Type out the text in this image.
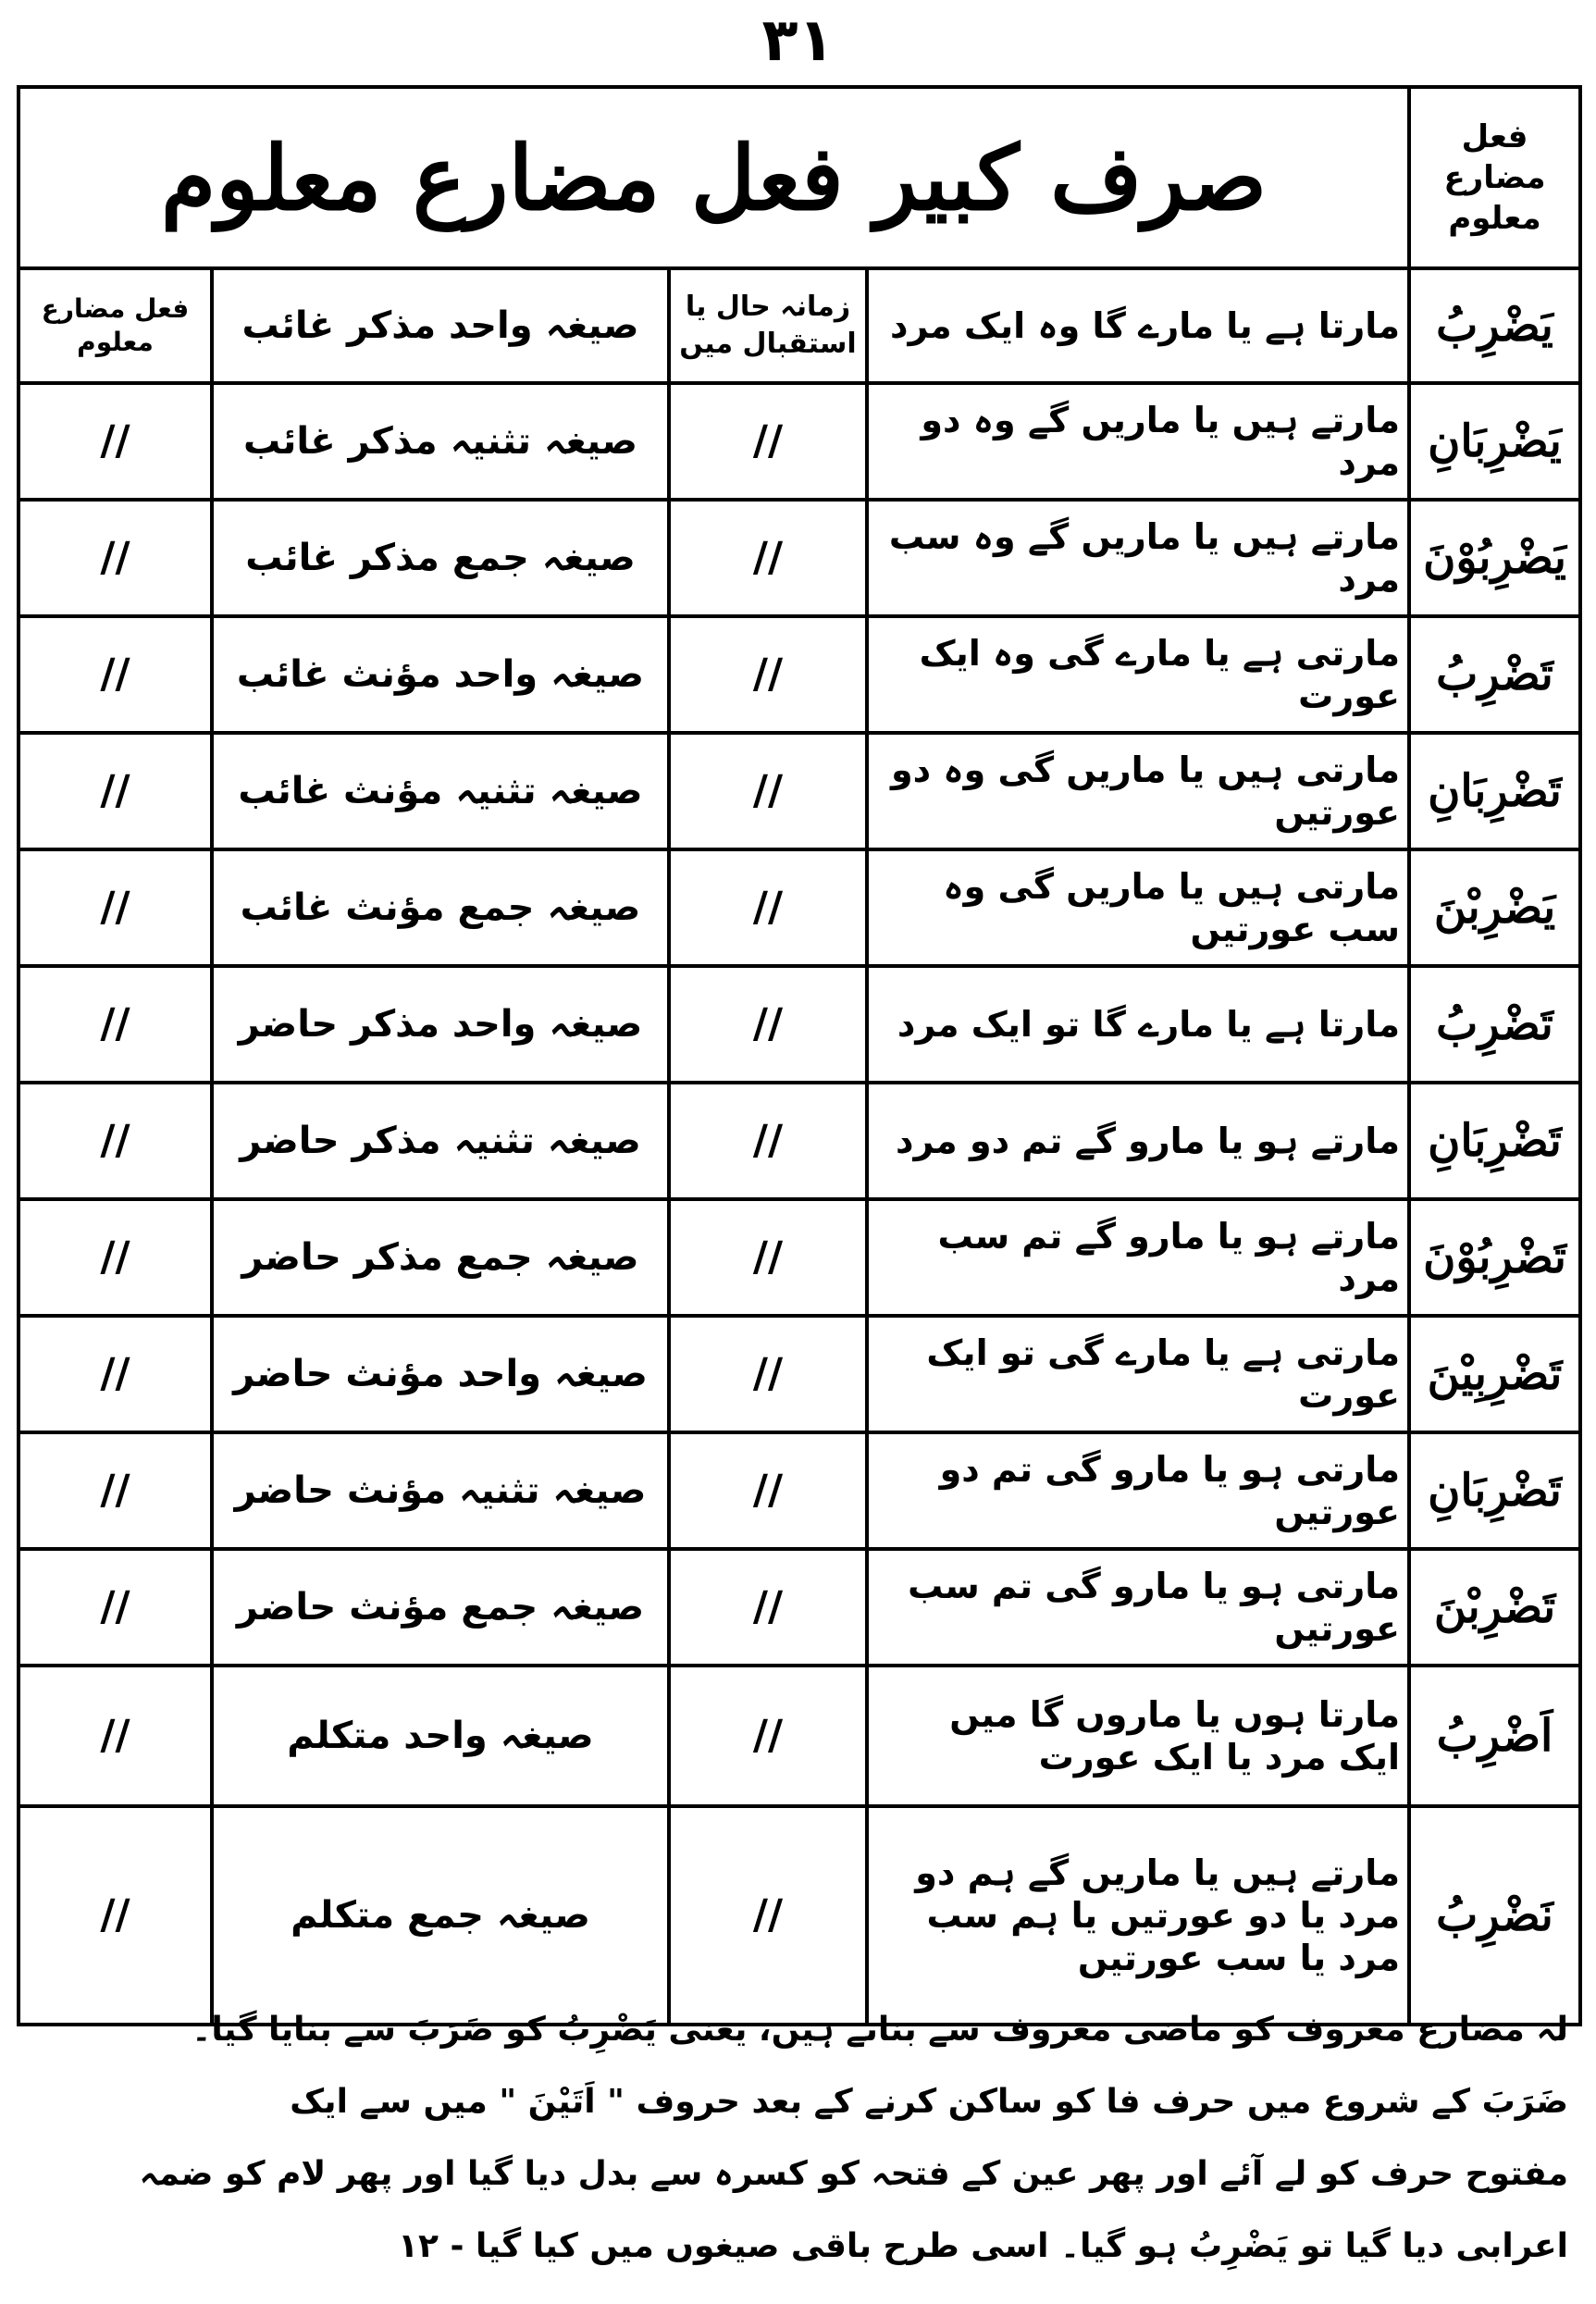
۳۱
فعل مضارع معلوم	صرف کبیر فعل مضارع معلوم			
یَضْرِبُ	مارتا ہے یا مارے گا وہ ایک مرد	زمانہ حال یا استقبال میں	صیغہ واحد مذکر غائب	فعل مضارع معلوم
یَضْرِبَانِ	مارتے ہیں یا ماریں گے وہ دو مرد	//	صیغہ تثنیہ مذکر غائب	//
یَضْرِبُوْنَ	مارتے ہیں یا ماریں گے وہ سب مرد	//	صیغہ جمع مذکر غائب	//
تَضْرِبُ	مارتی ہے یا مارے گی وہ ایک عورت	//	صیغہ واحد مؤنث غائب	//
تَضْرِبَانِ	مارتی ہیں یا ماریں گی وہ دو عورتیں	//	صیغہ تثنیہ مؤنث غائب	//
یَضْرِبْنَ	مارتی ہیں یا ماریں گی وہ سب عورتیں	//	صیغہ جمع مؤنث غائب	//
تَضْرِبُ	مارتا ہے یا مارے گا تو ایک مرد	//	صیغہ واحد مذکر حاضر	//
تَضْرِبَانِ	مارتے ہو یا مارو گے تم دو مرد	//	صیغہ تثنیہ مذکر حاضر	//
تَضْرِبُوْنَ	مارتے ہو یا مارو گے تم سب مرد	//	صیغہ جمع مذکر حاضر	//
تَضْرِبِیْنَ	مارتی ہے یا مارے گی تو ایک عورت	//	صیغہ واحد مؤنث حاضر	//
تَضْرِبَانِ	مارتی ہو یا مارو گی تم دو عورتیں	//	صیغہ تثنیہ مؤنث حاضر	//
تَضْرِبْنَ	مارتی ہو یا مارو گی تم سب عورتیں	//	صیغہ جمع مؤنث حاضر	//
اَضْرِبُ	مارتا ہوں یا ماروں گا میں ایک مرد یا ایک عورت	//	صیغہ واحد متکلم	//
نَضْرِبُ	مارتے ہیں یا ماریں گے ہم دو مرد یا دو عورتیں یا ہم سب مرد یا سب عورتیں	//	صیغہ جمع متکلم	//

لہ مضارع معروف کو ماضی معروف سے بناتے ہیں، یعنی یَضْرِبُ کو ضَرَبَ سے بنایا گیا۔

ضَرَبَ کے شروع میں حرف فا کو ساکن کرنے کے بعد حروف " اَتَیْنَ " میں سے ایک

مفتوح حرف کو لے آئے اور پھر عین کے فتحہ کو کسرہ سے بدل دیا گیا اور پھر لام کو ضمہ

اعرابی دیا گیا تو یَضْرِبُ ہو گیا۔ اسی طرح باقی صیغوں میں کیا گیا - ۱۲
